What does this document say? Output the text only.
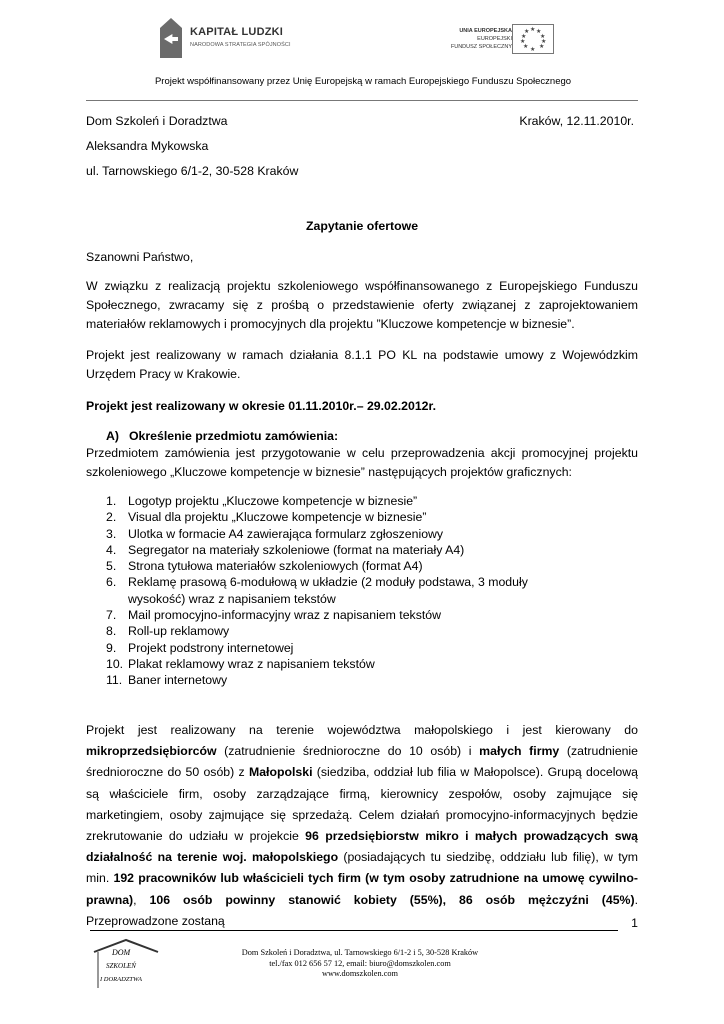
KAPITAŁ LUDZKI
NARODOWA STRATEGIA SPÓJNOŚCI
UNIA EUROPEJSKA
EUROPEJSKI
FUNDUSZ SPOŁECZNY
★ ★
★
★
★
★
★
★
★
★
Projekt współfinansowany przez Unię Europejską w ramach Europejskiego Funduszu Społecznego
Dom Szkoleń i Doradztwa	Kraków, 12.11.2010r.
Aleksandra Mykowska
ul. Tarnowskiego 6/1-2, 30-528 Kraków
Zapytanie ofertowe
Szanowni Państwo,

W związku z realizacją projektu szkoleniowego współfinansowanego z Europejskiego Funduszu Społecznego, zwracamy się z prośbą o przedstawienie oferty związanej z zaprojektowaniem materiałów reklamowych i promocyjnych dla projektu ”Kluczowe kompetencje w biznesie”.

Projekt jest realizowany w ramach działania 8.1.1 PO KL na podstawie umowy z Wojewódzkim Urzędem Pracy w Krakowie.

Projekt jest realizowany w okresie 01.11.2010r.– 29.02.2012r.
A) Określenie przedmiotu zamówienia:

Przedmiotem zamówienia jest przygotowanie w celu przeprowadzenia akcji promocyjnej projektu szkoleniowego „Kluczowe kompetencje w biznesie” następujących projektów graficznych:

1. Logotyp projektu „Kluczowe kompetencje w biznesie”
2. Visual dla projektu „Kluczowe kompetencje w biznesie”
3. Ulotka w formacie A4 zawierająca formularz zgłoszeniowy
4. Segregator na materiały szkoleniowe (format na materiały A4)
5. Strona tytułowa materiałów szkoleniowych (format A4)
6. Reklamę prasową 6-modułową w układzie (2 moduły podstawa, 3 moduły wysokość) wraz z napisaniem tekstów
7. Mail promocyjno-informacyjny wraz z napisaniem tekstów
8. Roll-up reklamowy
9. Projekt podstrony internetowej
10. Plakat reklamowy wraz z napisaniem tekstów
11. Baner internetowy

Projekt jest realizowany na terenie województwa małopolskiego i jest kierowany do mikroprzedsiębiorców (zatrudnienie średnioroczne do 10 osób) i małych firmy (zatrudnienie średnioroczne do 50 osób) z Małopolski (siedziba, oddział lub filia w Małopolsce). Grupą docelową są właściciele firm, osoby zarządzające firmą, kierownicy zespołów, osoby zajmujące się marketingiem, osoby zajmujące się sprzedażą. Celem działań promocyjno-informacyjnych będzie zrekrutowanie do udziału w projekcie 96 przedsiębiorstw mikro i małych prowadzących swą działalność na terenie woj. małopolskiego (posiadających tu siedzibę, oddziału lub filię), w tym min. 192 pracowników lub właścicieli tych firm (w tym osoby zatrudnione na umowę cywilno-prawna), 106 osób powinny stanowić kobiety (55%), 86 osób mężczyźni (45%). Przeprowadzone zostaną	1
DOM
SZKOLEŃ
I DORADZTWA
Dom Szkoleń i Doradztwa, ul. Tarnowskiego 6/1-2 i 5, 30-528 Kraków
tel./fax 012 656 57 12, email: biuro@domszkolen.com
www.domszkolen.com
